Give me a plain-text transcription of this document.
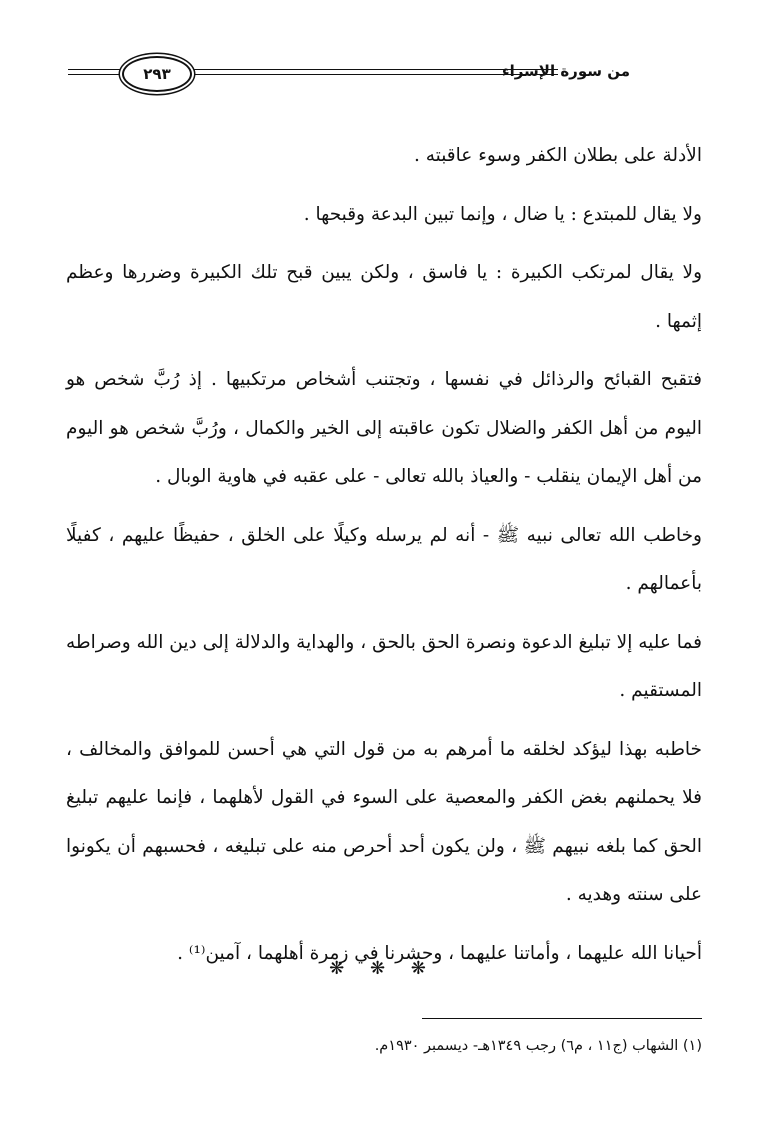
٢٩٣	من سورة الإسراء

الأدلة على بطلان الكفر وسوء عاقبته .

ولا يقال للمبتدع : يا ضال ، وإنما تبين البدعة وقبحها .

ولا يقال لمرتكب الكبيرة : يا فاسق ، ولكن يبين قبح تلك الكبيرة وضررها وعظم إثمها .

فتقبح القبائح والرذائل في نفسها ، وتجتنب أشخاص مرتكبيها . إذ رُبَّ شخص هو اليوم من أهل الكفر والضلال تكون عاقبته إلى الخير والكمال ، ورُبَّ شخص هو اليوم من أهل الإيمان ينقلب - والعياذ بالله تعالى - على عقبه في هاوية الوبال .

وخاطب الله تعالى نبيه ﷺ - أنه لم يرسله وكيلًا على الخلق ، حفيظًا عليهم ، كفيلًا بأعمالهم .

فما عليه إلا تبليغ الدعوة ونصرة الحق بالحق ، والهداية والدلالة إلى دين الله وصراطه المستقيم .

خاطبه بهذا ليؤكد لخلقه ما أمرهم به من قول التي هي أحسن للموافق والمخالف ، فلا يحملنهم بغض الكفر والمعصية على السوء في القول لأهلهما ، فإنما عليهم تبليغ الحق كما بلغه نبيهم ﷺ ، ولن يكون أحد أحرص منه على تبليغه ، فحسبهم أن يكونوا على سنته وهديه .

أحيانا الله عليهما ، وأماتنا عليهما ، وحشرنا في زمرة أهلهما ، آمين⁽¹⁾ .

❋ ❋ ❋
(١) الشهاب (ج١١ ، م٦) رجب ١٣٤٩هـ- ديسمبر ١٩٣٠م.
